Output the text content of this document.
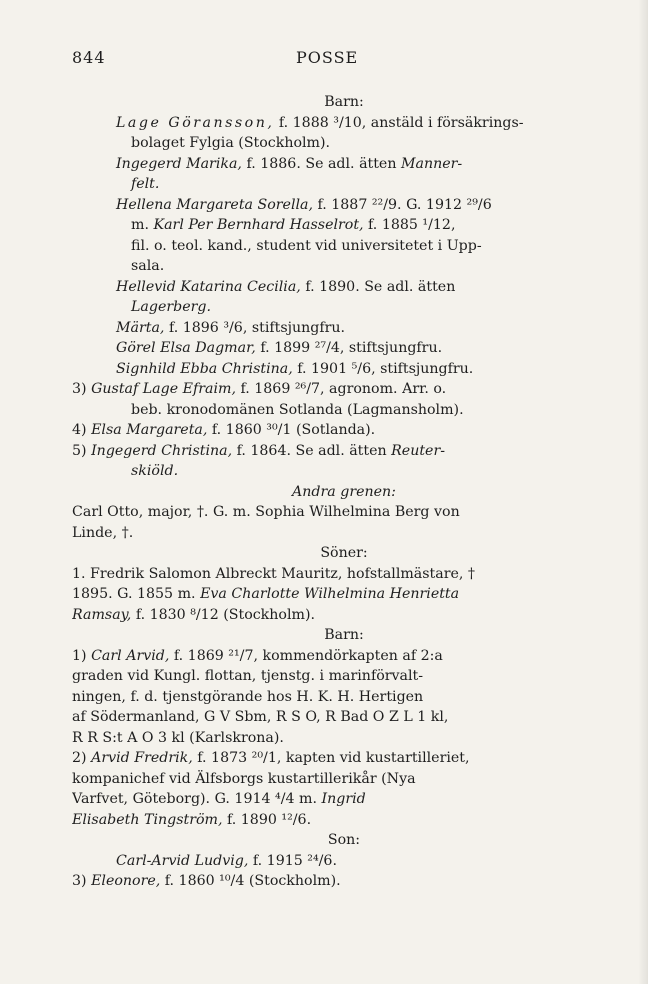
844	POSSE
Barn:
Lage Göransson, f. 1888 ³/10, anstäld i försäkrings-
bolaget Fylgia (Stockholm).
Ingegerd Marika, f. 1886. Se adl. ätten Manner-
felt.
Hellena Margareta Sorella, f. 1887 ²²/9. G. 1912 ²⁹/6
m. Karl Per Bernhard Hasselrot, f. 1885 ¹/12,
fil. o. teol. kand., student vid universitetet i Upp-
sala.
Hellevid Katarina Cecilia, f. 1890. Se adl. ätten
Lagerberg.
Märta, f. 1896 ³/6, stiftsjungfru.
Görel Elsa Dagmar, f. 1899 ²⁷/4, stiftsjungfru.
Signhild Ebba Christina, f. 1901 ⁵/6, stiftsjungfru.
3) Gustaf Lage Efraim, f. 1869 ²⁶/7, agronom. Arr. o.
beb. kronodomänen Sotlanda (Lagmansholm).
4) Elsa Margareta, f. 1860 ³⁰/1 (Sotlanda).
5) Ingegerd Christina, f. 1864. Se adl. ätten Reuter-
skiöld.
Andra grenen:
Carl Otto, major, †. G. m. Sophia Wilhelmina Berg von
Linde, †.
Söner:
1. Fredrik Salomon Albreckt Mauritz, hofstallmästare, †
1895. G. 1855 m. Eva Charlotte Wilhelmina Henrietta
Ramsay, f. 1830 ⁸/12 (Stockholm).
Barn:
1) Carl Arvid, f. 1869 ²¹/7, kommendörkapten af 2:a
graden vid Kungl. flottan, tjenstg. i marinförvalt-
ningen, f. d. tjenstgörande hos H. K. H. Hertigen
af Södermanland, G V Sbm, R S O, R Bad O Z L 1 kl,
R R S:t A O 3 kl (Karlskrona).
2) Arvid Fredrik, f. 1873 ²⁰/1, kapten vid kustartilleriet,
kompanichef vid Älfsborgs kustartillerikår (Nya
Varfvet, Göteborg). G. 1914 ⁴/4 m. Ingrid
Elisabeth Tingström, f. 1890 ¹²/6.
Son:
Carl-Arvid Ludvig, f. 1915 ²⁴/6.
3) Eleonore, f. 1860 ¹⁰/4 (Stockholm).
